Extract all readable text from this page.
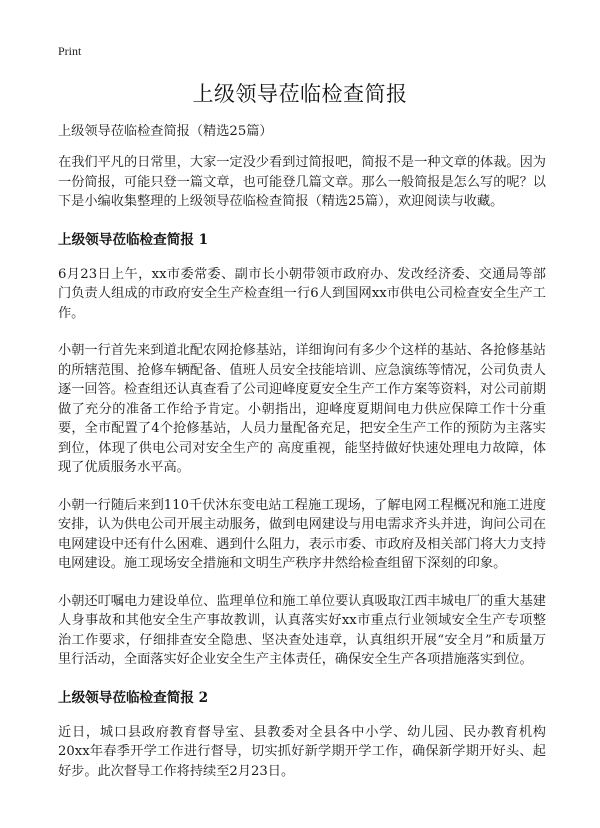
Print
上级领导莅临检查简报
上级领导莅临检查简报（精选25篇）

在我们平凡的日常里，大家一定没少看到过简报吧，简报不是一种文章的体裁。因为一份简报，可能只登一篇文章，也可能登几篇文章。那么一般简报是怎么写的呢？以下是小编收集整理的上级领导莅临检查简报（精选25篇），欢迎阅读与收藏。

上级领导莅临检查简报 1

6月23日上午，xx市委常委、副市长小朝带领市政府办、发改经济委、交通局等部门负责人组成的市政府安全生产检查组一行6人到国网xx市供电公司检查安全生产工作。

小朝一行首先来到道北配农网抢修基站，详细询问有多少个这样的基站、各抢修基站的所辖范围、抢修车辆配备、值班人员安全技能培训、应急演练等情况，公司负责人逐一回答。检查组还认真查看了公司迎峰度夏安全生产工作方案等资料，对公司前期做了充分的准备工作给予肯定。小朝指出，迎峰度夏期间电力供应保障工作十分重要，全市配置了4个抢修基站，人员力量配备充足，把安全生产工作的预防为主落实到位，体现了供电公司对安全生产的 高度重视，能坚持做好快速处理电力故障，体现了优质服务水平高。

小朝一行随后来到110千伏沐东变电站工程施工现场，了解电网工程概况和施工进度安排，认为供电公司开展主动服务，做到电网建设与用电需求齐头并进，询问公司在电网建设中还有什么困难、遇到什么阻力，表示市委、市政府及相关部门将大力支持电网建设。施工现场安全措施和文明生产秩序井然给检查组留下深刻的印象。

小朝还叮嘱电力建设单位、监理单位和施工单位要认真吸取江西丰城电厂的重大基建人身事故和其他安全生产事故教训，认真落实好xx市重点行业领域安全生产专项整治工作要求，仔细排查安全隐患、坚决查处违章，认真组织开展“安全月”和质量万里行活动，全面落实好企业安全生产主体责任，确保安全生产各项措施落实到位。

上级领导莅临检查简报 2

近日，城口县政府教育督导室、县教委对全县各中小学、幼儿园、民办教育机构20xx年春季开学工作进行督导，切实抓好新学期开学工作，确保新学期开好头、起好步。此次督导工作将持续至2月23日。
